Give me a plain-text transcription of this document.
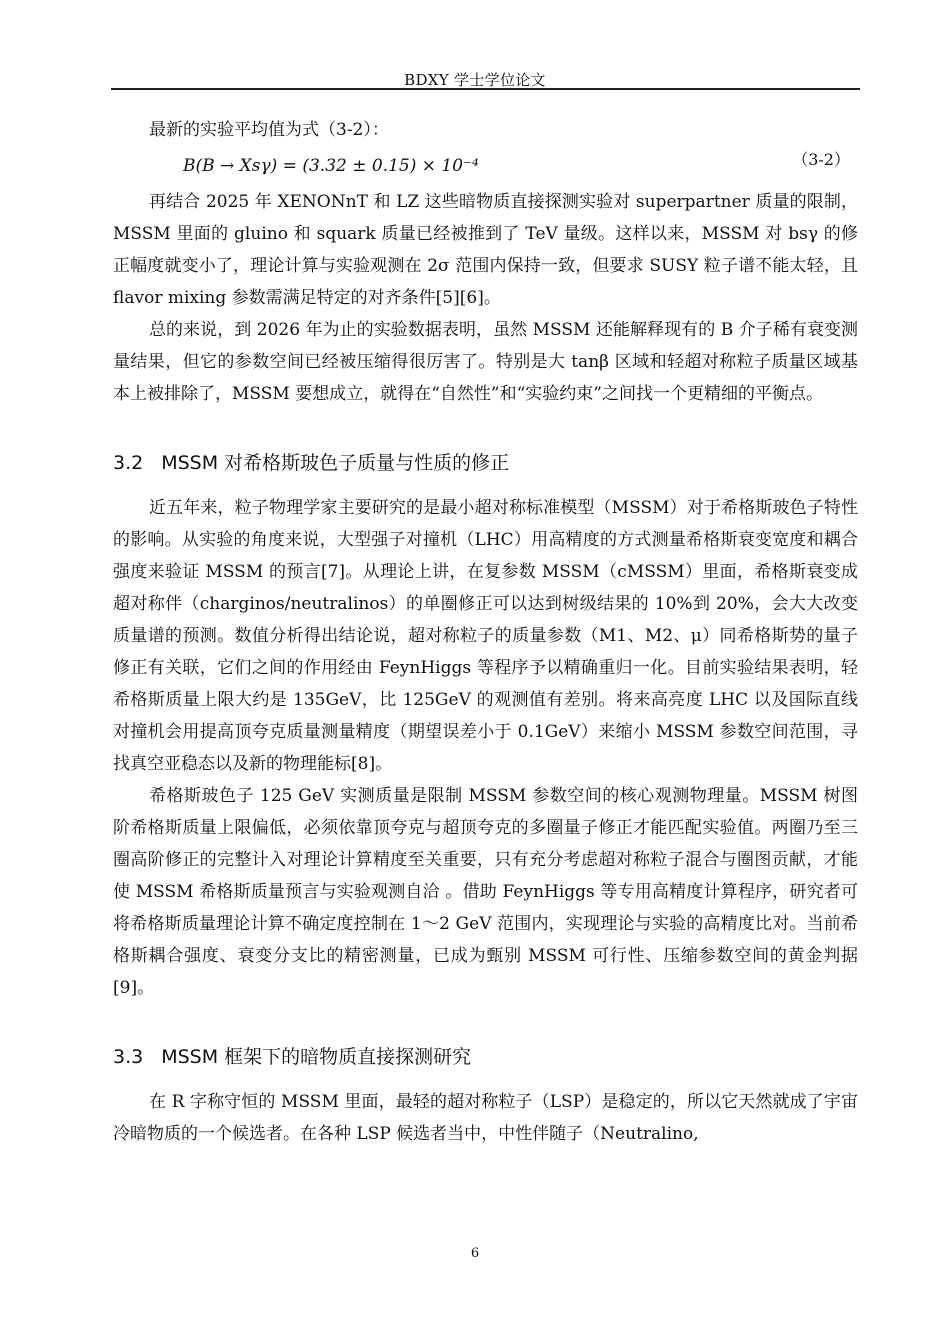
BDXY 学士学位论文

最新的实验平均值为式（3-2）：

B(B → Xsγ) = (3.32 ± 0.15) × 10⁻⁴	（3-2）

再结合 2025 年 XENONnT 和 LZ 这些暗物质直接探测实验对 superpartner 质量的限制，MSSM 里面的 gluino 和 squark 质量已经被推到了 TeV 量级。这样以来，MSSM 对 bsγ 的修正幅度就变小了，理论计算与实验观测在 2σ 范围内保持一致，但要求 SUSY 粒子谱不能太轻，且 flavor mixing 参数需满足特定的对齐条件[5][6]。

总的来说，到 2026 年为止的实验数据表明，虽然 MSSM 还能解释现有的 B 介子稀有衰变测量结果，但它的参数空间已经被压缩得很厉害了。特别是大 tanβ 区域和轻超对称粒子质量区域基本上被排除了，MSSM 要想成立，就得在“自然性”和“实验约束”之间找一个更精细的平衡点。

3.2 MSSM 对希格斯玻色子质量与性质的修正

近五年来，粒子物理学家主要研究的是最小超对称标准模型（MSSM）对于希格斯玻色子特性的影响。从实验的角度来说，大型强子对撞机（LHC）用高精度的方式测量希格斯衰变宽度和耦合强度来验证 MSSM 的预言[7]。从理论上讲，在复参数 MSSM（cMSSM）里面，希格斯衰变成超对称伴（charginos/neutralinos）的单圈修正可以达到树级结果的 10%到 20%，会大大改变质量谱的预测。数值分析得出结论说，超对称粒子的质量参数（M1、M2、μ）同希格斯势的量子修正有关联，它们之间的作用经由 FeynHiggs 等程序予以精确重归一化。目前实验结果表明，轻希格斯质量上限大约是 135GeV，比 125GeV 的观测值有差别。将来高亮度 LHC 以及国际直线对撞机会用提高顶夸克质量测量精度（期望误差小于 0.1GeV）来缩小 MSSM 参数空间范围，寻找真空亚稳态以及新的物理能标[8]。

希格斯玻色子 125 GeV 实测质量是限制 MSSM 参数空间的核心观测物理量。MSSM 树图阶希格斯质量上限偏低，必须依靠顶夸克与超顶夸克的多圈量子修正才能匹配实验值。两圈乃至三圈高阶修正的完整计入对理论计算精度至关重要，只有充分考虑超对称粒子混合与圈图贡献，才能使 MSSM 希格斯质量预言与实验观测自洽 。借助 FeynHiggs 等专用高精度计算程序，研究者可将希格斯质量理论计算不确定度控制在 1～2 GeV 范围内，实现理论与实验的高精度比对。当前希格斯耦合强度、衰变分支比的精密测量，已成为甄别 MSSM 可行性、压缩参数空间的黄金判据[9]。

3.3 MSSM 框架下的暗物质直接探测研究

在 R 字称守恒的 MSSM 里面，最轻的超对称粒子（LSP）是稳定的，所以它天然就成了宇宙冷暗物质的一个候选者。在各种 LSP 候选者当中，中性伴随子（Neutralino,

6
